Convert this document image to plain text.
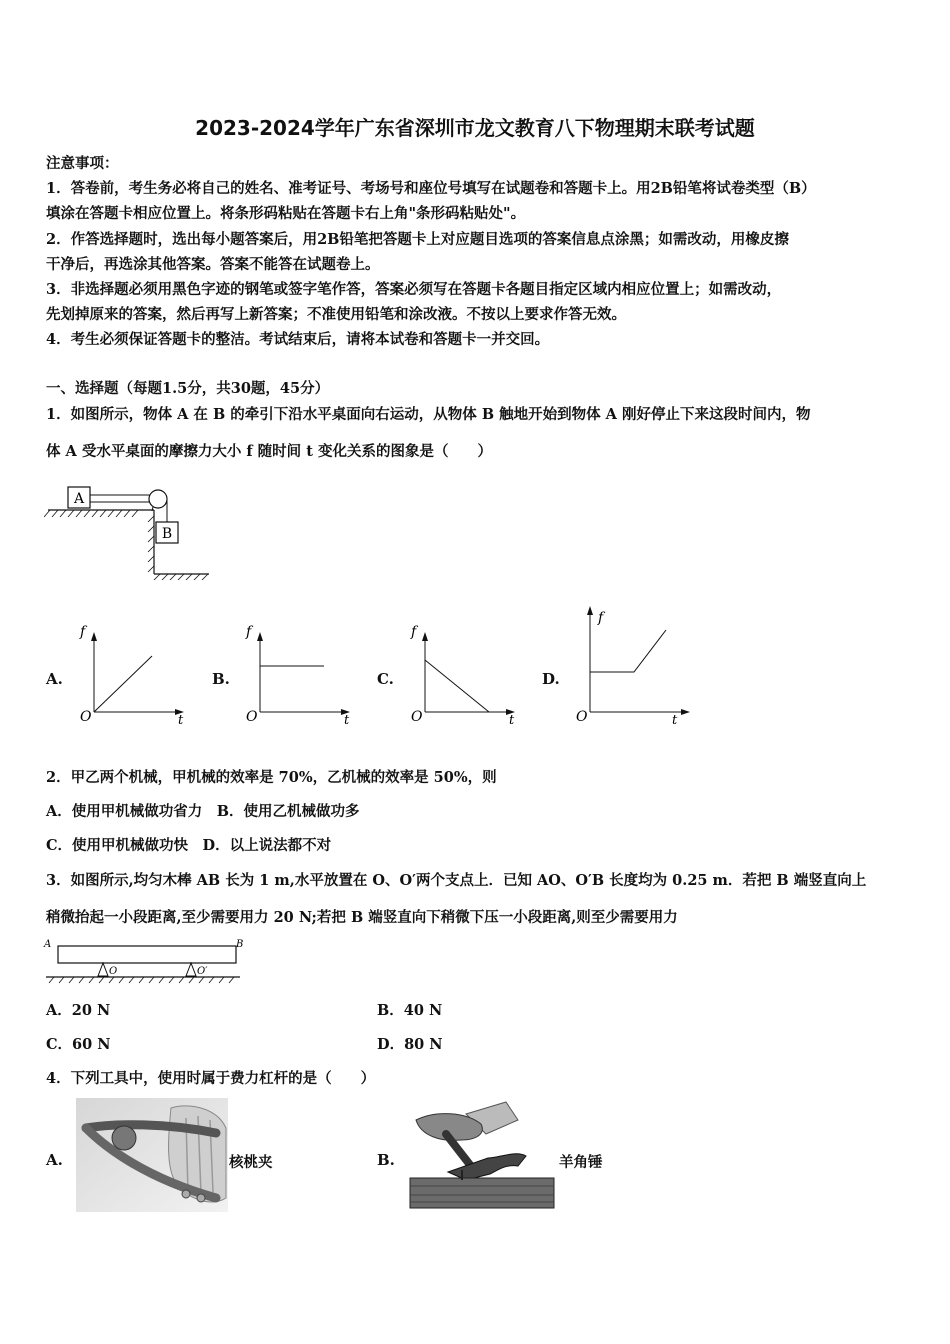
2023-2024学年广东省深圳市龙文教育八下物理期末联考试题
注意事项：
1．答卷前，考生务必将自己的姓名、准考证号、考场号和座位号填写在试题卷和答题卡上。用2B铅笔将试卷类型（B）
填涂在答题卡相应位置上。将条形码粘贴在答题卡右上角"条形码粘贴处"。
2．作答选择题时，选出每小题答案后，用2B铅笔把答题卡上对应题目选项的答案信息点涂黑；如需改动，用橡皮擦
干净后，再选涂其他答案。答案不能答在试题卷上。
3．非选择题必须用黑色字迹的钢笔或签字笔作答，答案必须写在答题卡各题目指定区域内相应位置上；如需改动，
先划掉原来的答案，然后再写上新答案；不准使用铅笔和涂改液。不按以上要求作答无效。
4．考生必须保证答题卡的整洁。考试结束后，请将本试卷和答题卡一并交回。
一、选择题（每题1.5分，共30题，45分）
1．如图所示，物体 A 在 B 的牵引下沿水平桌面向右运动，从物体 B 触地开始到物体 A 刚好停止下来这段时间内，物
体 A 受水平桌面的摩擦力大小 f 随时间 t 变化关系的图象是（　　）
A
B
A.
f
t
O
B.
f
t
O
C.
f
t
O
D.
f
t
O
2．甲乙两个机械，甲机械的效率是 70%，乙机械的效率是 50%，则
A．使用甲机械做功省力　B．使用乙机械做功多
C．使用甲机械做功快　D．以上说法都不对
3．如图所示,均匀木棒 AB 长为 1 m,水平放置在 O、O′两个支点上．已知 AO、O′B 长度均为 0.25 m．若把 B 端竖直向上
稍微抬起一小段距离,至少需要用力 20 N;若把 B 端竖直向下稍微下压一小段距离,则至少需要用力
A	B
O	O′
A．20 N	B．40 N
C．60 N	D．80 N
4．下列工具中，使用时属于费力杠杆的是（　　）
A.	核桃夹	B.	羊角锤
